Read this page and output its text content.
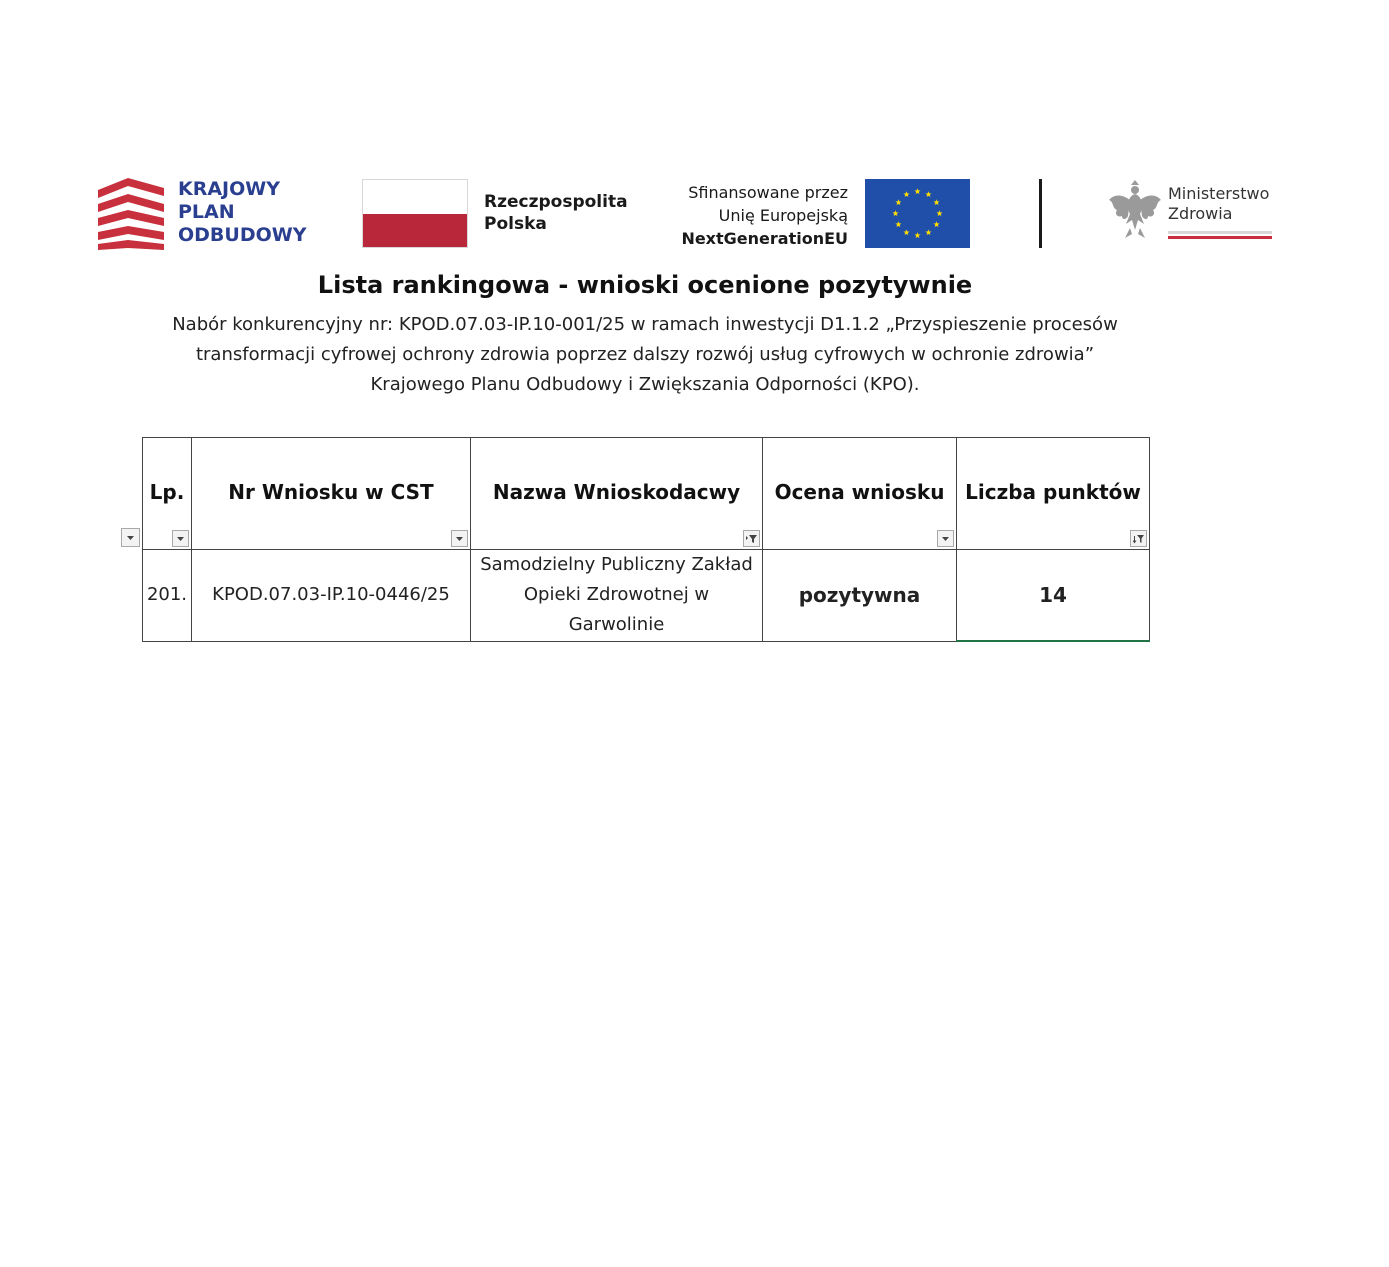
KRAJOWY
PLAN
ODBUDOWY
Rzeczpospolita
Polska
Sfinansowane przez
Unię Europejską
NextGenerationEU
Ministerstwo
Zdrowia
Lista rankingowa - wnioski ocenione pozytywnie
Nabór konkurencyjny nr: KPOD.07.03-IP.10-001/25 w ramach inwestycji D1.1.2 „Przyspieszenie procesów
transformacji cyfrowej ochrony zdrowia poprzez dalszy rozwój usług cyfrowych w ochronie zdrowia”
Krajowego Planu Odbudowy i Zwiększania Odporności (KPO).
Lp.	Nr Wniosku w CST	Nazwa Wnioskodacwy	Ocena wniosku	Liczba punktów

201.	KPOD.07.03-IP.10-0446/25	Samodzielny Publiczny Zakład
Opieki Zdrowotnej w
Garwolinie	pozytywna	14
